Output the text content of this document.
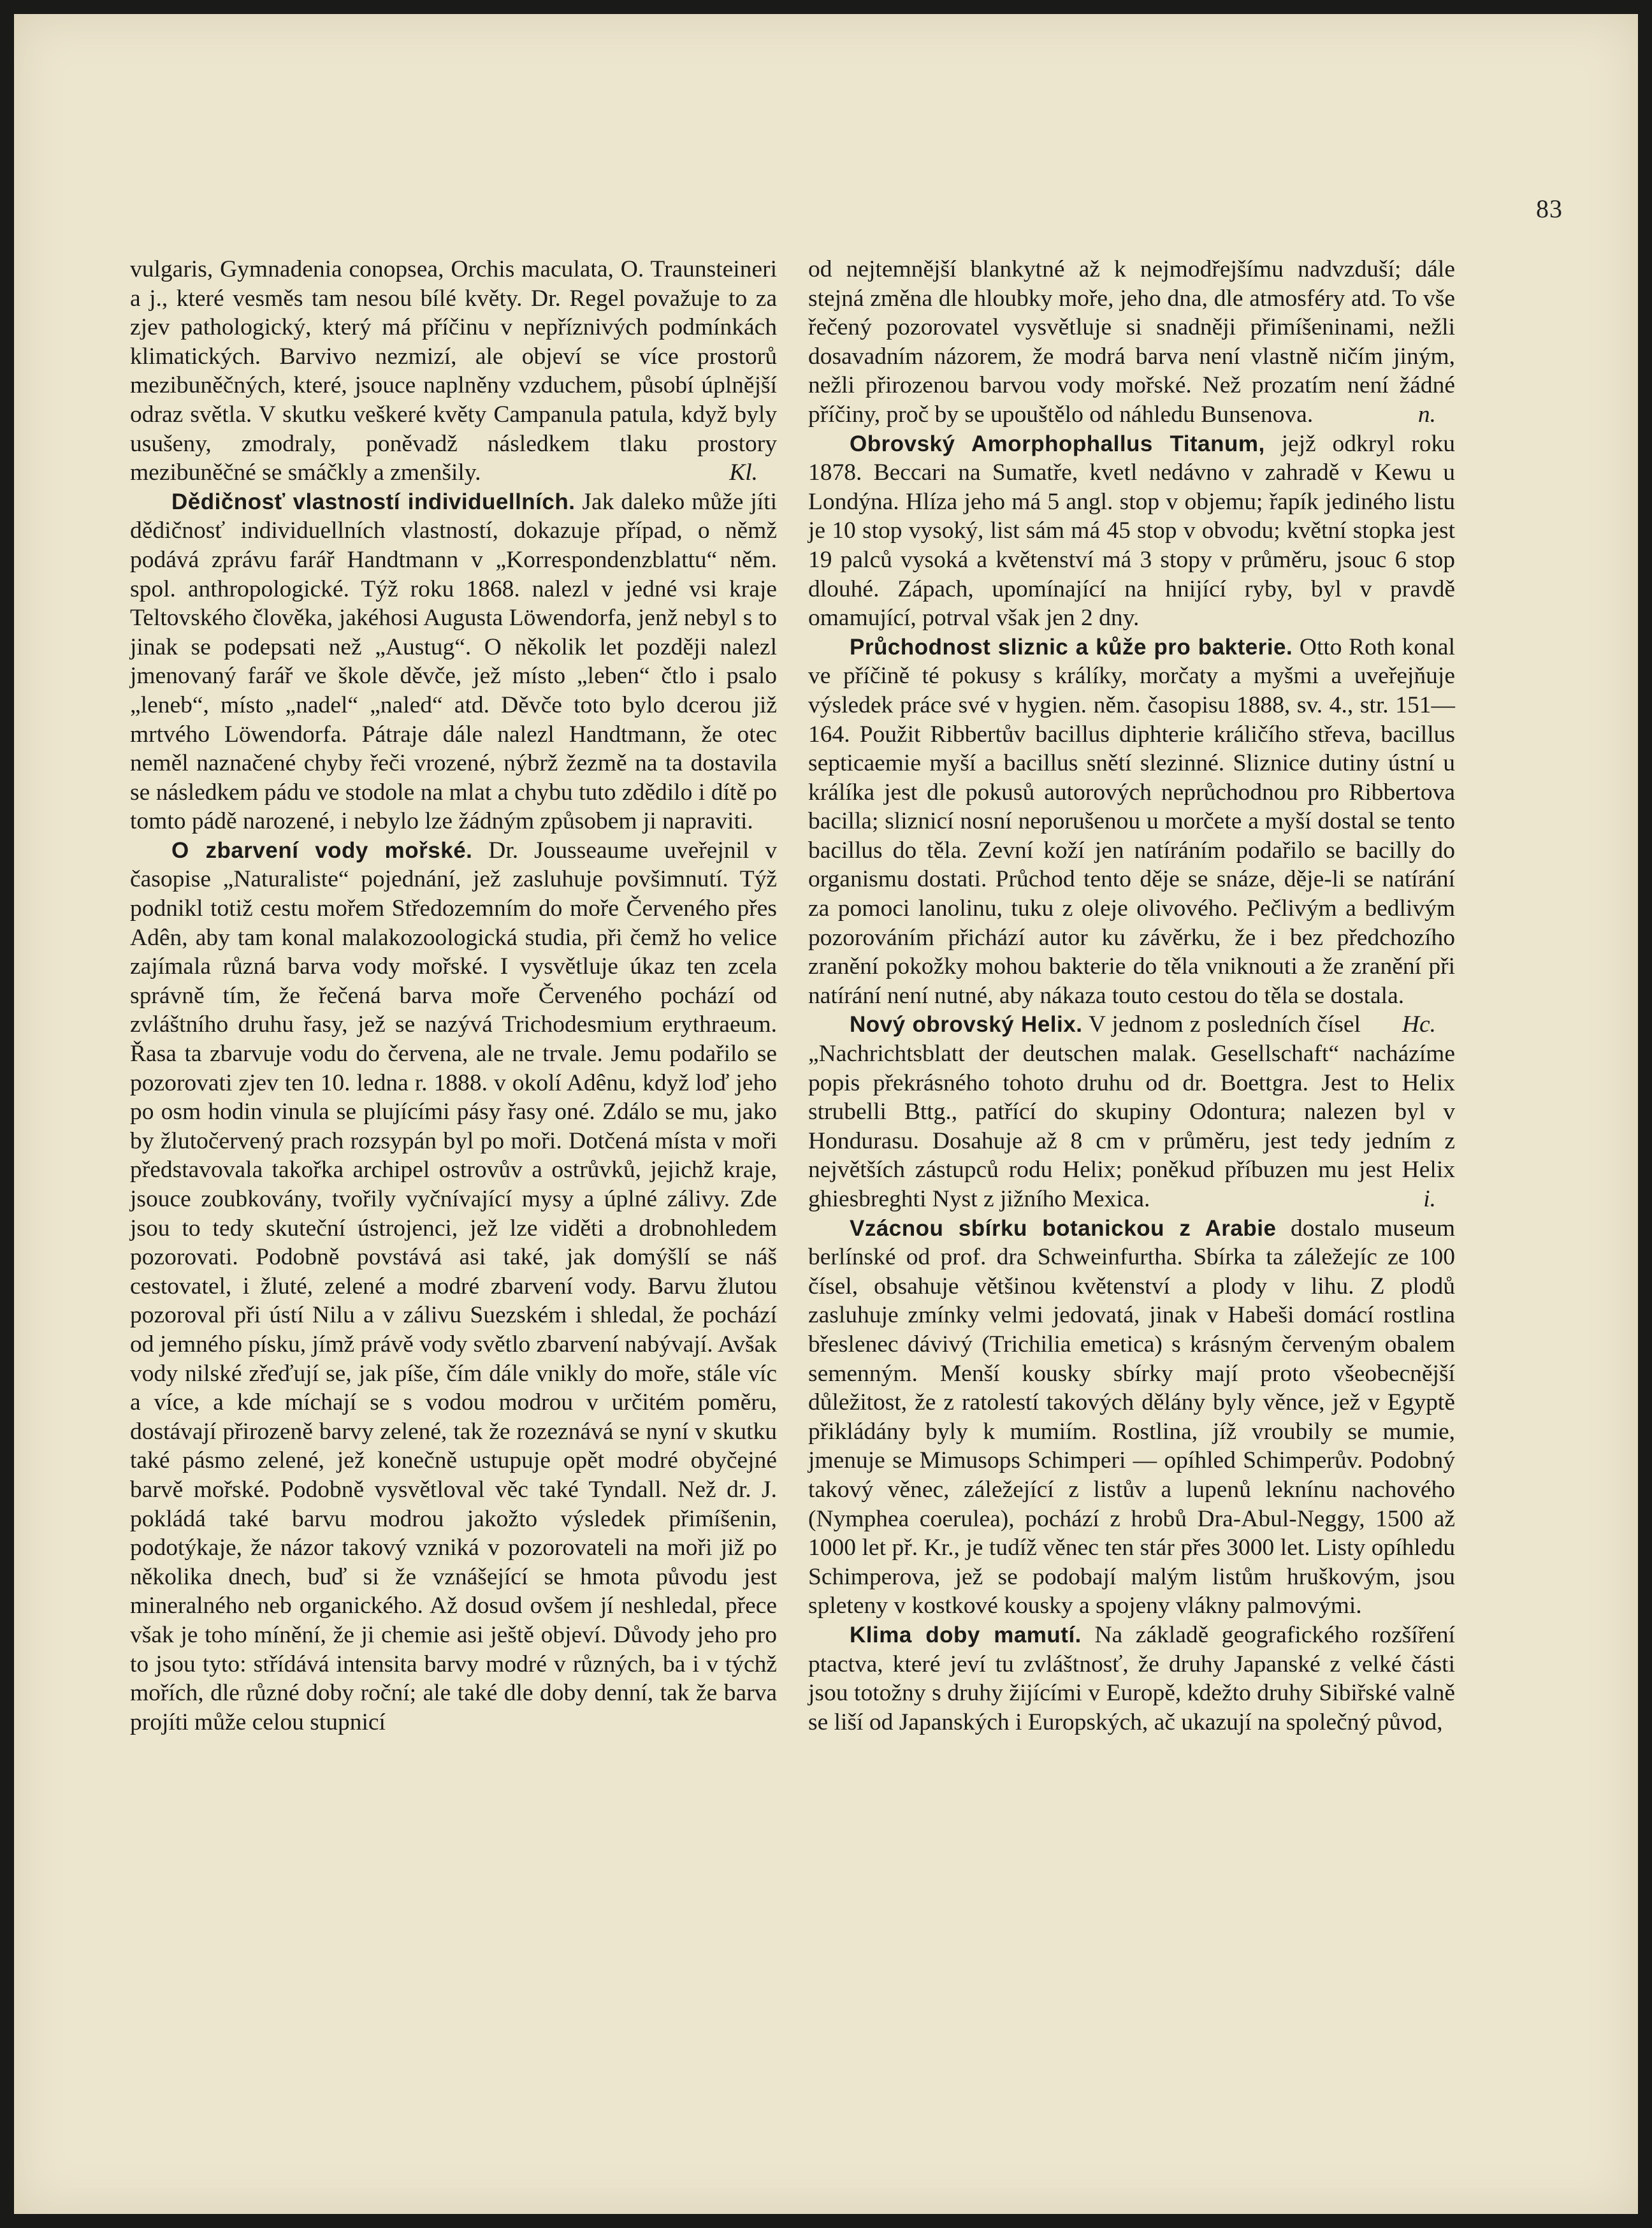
83

vulgaris, Gymnadenia conopsea, Orchis maculata, O. Traunsteineri a j., které vesměs tam nesou bílé květy. Dr. Regel považuje to za zjev pathologický, který má příčinu v nepříznivých podmínkách klimatických. Barvivo nezmizí, ale objeví se více prostorů mezibuněčných, které, jsouce naplněny vzduchem, působí úplnější odraz světla. V skutku veškeré květy Campanula patula, když byly usušeny, zmodraly, poněvadž následkem tlaku prostory mezibuněčné se smáčkly a zmenšily.	Kl.

Dědičnosť vlastností individuellních. Jak daleko může jíti dědičnosť individuellních vlastností, dokazuje případ, o němž podává zprávu farář Handtmann v „Korrespondenzblattu“ něm. spol. anthropologické. Týž roku 1868. nalezl v jedné vsi kraje Teltovského člověka, jakéhosi Augusta Löwendorfa, jenž nebyl s to jinak se podepsati než „Austug“. O několik let později nalezl jmenovaný farář ve škole děvče, jež místo „leben“ čtlo i psalo „leneb“, místo „nadel“ „naled“ atd. Děvče toto bylo dcerou již mrtvého Löwendorfa. Pátraje dále nalezl Handtmann, že otec neměl naznačené chyby řeči vrozené, nýbrž žezmě na ta dostavila se následkem pádu ve stodole na mlat a chybu tuto zdědilo i dítě po tomto pádě narozené, i nebylo lze žádným způsobem ji napraviti.

O zbarvení vody mořské. Dr. Jousseaume uveřejnil v časopise „Naturaliste“ pojednání, jež zasluhuje povšimnutí. Týž podnikl totiž cestu mořem Středozemním do moře Červeného přes Adên, aby tam konal malakozoologická studia, při čemž ho velice zajímala různá barva vody mořské. I vysvětluje úkaz ten zcela správně tím, že řečená barva moře Červeného pochází od zvláštního druhu řasy, jež se nazývá Trichodesmium erythraeum. Řasa ta zbarvuje vodu do červena, ale ne trvale. Jemu podařilo se pozorovati zjev ten 10. ledna r. 1888. v okolí Adênu, když loď jeho po osm hodin vinula se plujícími pásy řasy oné. Zdálo se mu, jako by žlutočervený prach rozsypán byl po moři. Dotčená místa v moři představovala takořka archipel ostrovův a ostrůvků, jejichž kraje, jsouce zoubkovány, tvořily vyčnívající mysy a úplné zálivy. Zde jsou to tedy skuteční ústrojenci, jež lze viděti a drobnohledem pozorovati. Podobně povstává asi také, jak domýšlí se náš cestovatel, i žluté, zelené a modré zbarvení vody. Barvu žlutou pozoroval při ústí Nilu a v zálivu Suezském i shledal, že pochází od jemného písku, jímž právě vody světlo zbarvení nabývají. Avšak vody nilské zřeďují se, jak píše, čím dále vnikly do moře, stále víc a více, a kde míchají se s vodou modrou v určitém poměru, dostávají přirozeně barvy zelené, tak že rozeznává se nyní v skutku také pásmo zelené, jež konečně ustupuje opět modré obyčejné barvě mořské. Podobně vysvětloval věc také Tyndall. Než dr. J. pokládá také barvu modrou jakožto výsledek přimíšenin, podotýkaje, že názor takový vzniká v pozorovateli na moři již po několika dnech, buď si že vznášející se hmota původu jest mineralného neb organického. Až dosud ovšem jí neshledal, přece však je toho mínění, že ji chemie asi ještě objeví. Důvody jeho pro to jsou tyto: střídává intensita barvy modré v různých, ba i v týchž mořích, dle různé doby roční; ale také dle doby denní, tak že barva projíti může celou stupnicí

od nejtemnější blankytné až k nejmodřejšímu nadvzduší; dále stejná změna dle hloubky moře, jeho dna, dle atmosféry atd. To vše řečený pozorovatel vysvětluje si snadněji přimíšeninami, nežli dosavadním názorem, že modrá barva není vlastně ničím jiným, nežli přirozenou barvou vody mořské. Než prozatím není žádné příčiny, proč by se upouštělo od náhledu Bunsenova.	n.

Obrovský Amorphophallus Titanum, jejž odkryl roku 1878. Beccari na Sumatře, kvetl nedávno v zahradě v Kewu u Londýna. Hlíza jeho má 5 angl. stop v objemu; řapík jediného listu je 10 stop vysoký, list sám má 45 stop v obvodu; květní stopka jest 19 palců vysoká a květenství má 3 stopy v průměru, jsouc 6 stop dlouhé. Zápach, upomínající na hnijící ryby, byl v pravdě omamující, potrval však jen 2 dny.

Průchodnost sliznic a kůže pro bakterie. Otto Roth konal ve příčině té pokusy s králíky, morčaty a myšmi a uveřejňuje výsledek práce své v hygien. něm. časopisu 1888, sv. 4., str. 151—164. Použit Ribbertův bacillus diphterie králičího střeva, bacillus septicaemie myší a bacillus snětí slezinné. Sliznice dutiny ústní u králíka jest dle pokusů autorových neprůchodnou pro Ribbertova bacilla; sliznicí nosní neporušenou u morčete a myší dostal se tento bacillus do těla. Zevní koží jen natíráním podařilo se bacilly do organismu dostati. Průchod tento děje se snáze, děje-li se natírání za pomoci lanolinu, tuku z oleje olivového. Pečlivým a bedlivým pozorováním přichází autor ku závěrku, že i bez předchozího zranění pokožky mohou bakterie do těla vniknouti a že zranění při natírání není nutné, aby nákaza touto cestou do těla se dostala.
Hc.

Nový obrovský Helix. V jednom z posledních čísel „Nachrichtsblatt der deutschen malak. Gesellschaft“ nacházíme popis překrásného tohoto druhu od dr. Boettgra. Jest to Helix strubelli Bttg., patřící do skupiny Odontura; nalezen byl v Hondurasu. Dosahuje až 8 cm v průměru, jest tedy jedním z největších zástupců rodu Helix; poněkud příbuzen mu jest Helix ghiesbreghti Nyst z jižního Mexica.	i.

Vzácnou sbírku botanickou z Arabie dostalo museum berlínské od prof. dra Schweinfurtha. Sbírka ta záležejíc ze 100 čísel, obsahuje většinou květenství a plody v lihu. Z plodů zasluhuje zmínky velmi jedovatá, jinak v Habeši domácí rostlina břeslenec dávivý (Trichilia emetica) s krásným červeným obalem semenným. Menší kousky sbírky mají proto všeobecnější důležitost, že z ratolestí takových dělány byly věnce, jež v Egyptě přikládány byly k mumiím. Rostlina, jíž vroubily se mumie, jmenuje se Mimusops Schimperi — opíhled Schimperův. Podobný takový věnec, záležející z listův a lupenů leknínu nachového (Nymphea coerulea), pochází z hrobů Dra-Abul-Neggy, 1500 až 1000 let př. Kr., je tudíž věnec ten stár přes 3000 let. Listy opíhledu Schimperova, jež se podobají malým listům hruškovým, jsou spleteny v kostkové kousky a spojeny vlákny palmovými.

Klima doby mamutí. Na základě geografického rozšíření ptactva, které jeví tu zvláštnosť, že druhy Japanské z velké části jsou totožny s druhy žijícími v Europě, kdežto druhy Sibiřské valně se liší od Japanských i Europských, ač ukazují na společný původ,
